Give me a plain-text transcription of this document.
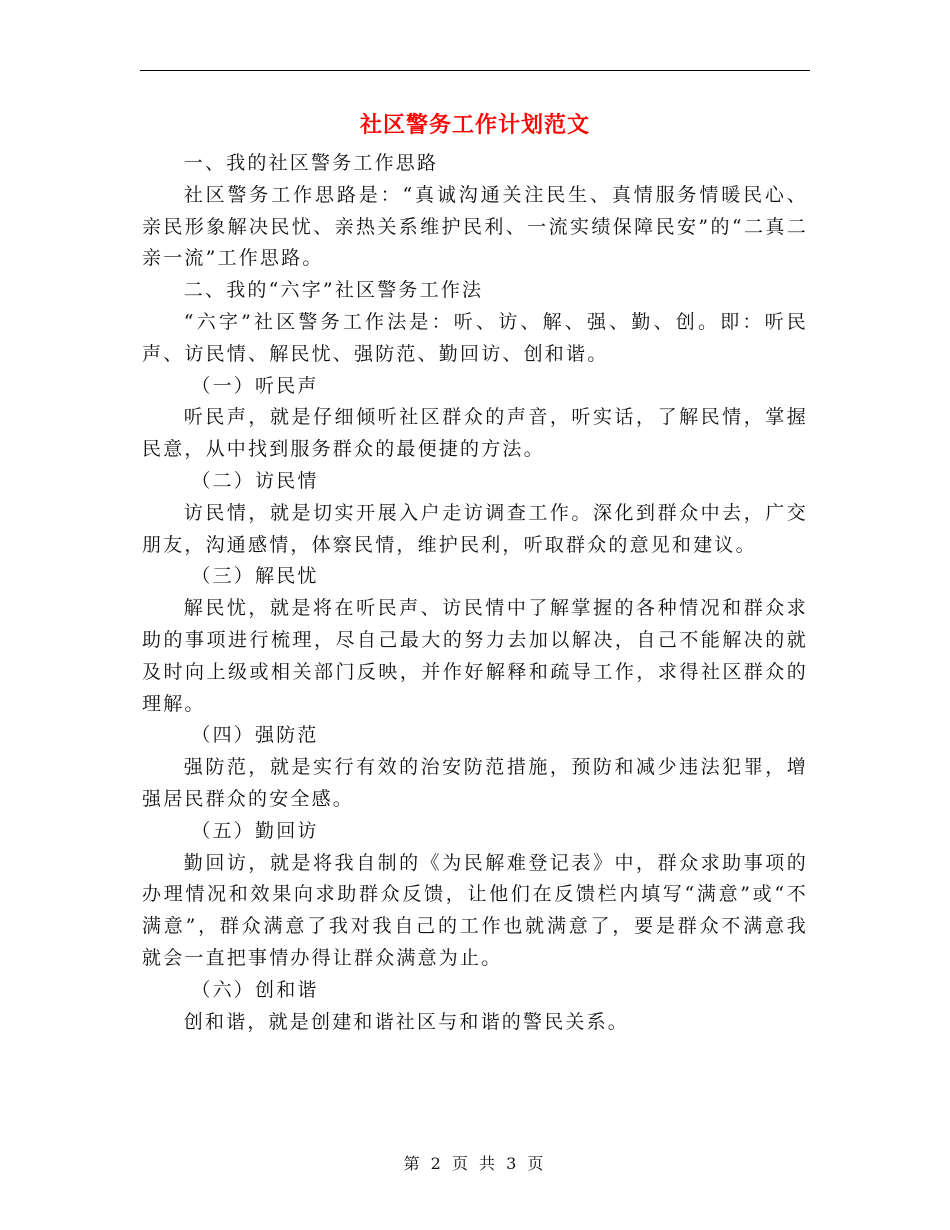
社区警务工作计划范文

一、我的社区警务工作思路

社区警务工作思路是：“真诚沟通关注民生、真情服务情暖民心、亲民形象解决民忧、亲热关系维护民利、一流实绩保障民安”的“二真二亲一流”工作思路。

二、我的“六字”社区警务工作法

“六字”社区警务工作法是：听、访、解、强、勤、创。即：听民声、访民情、解民忧、强防范、勤回访、创和谐。

（一）听民声

听民声，就是仔细倾听社区群众的声音，听实话，了解民情，掌握民意，从中找到服务群众的最便捷的方法。

（二）访民情

访民情，就是切实开展入户走访调查工作。深化到群众中去，广交朋友，沟通感情，体察民情，维护民利，听取群众的意见和建议。

（三）解民忧

解民忧，就是将在听民声、访民情中了解掌握的各种情况和群众求助的事项进行梳理，尽自己最大的努力去加以解决，自己不能解决的就及时向上级或相关部门反映，并作好解释和疏导工作，求得社区群众的理解。

（四）强防范

强防范，就是实行有效的治安防范措施，预防和减少违法犯罪，增强居民群众的安全感。

（五）勤回访

勤回访，就是将我自制的《为民解难登记表》中，群众求助事项的办理情况和效果向求助群众反馈，让他们在反馈栏内填写“满意”或“不满意”，群众满意了我对我自己的工作也就满意了，要是群众不满意我就会一直把事情办得让群众满意为止。

（六）创和谐

创和谐，就是创建和谐社区与和谐的警民关系。

第 2 页 共 3 页
